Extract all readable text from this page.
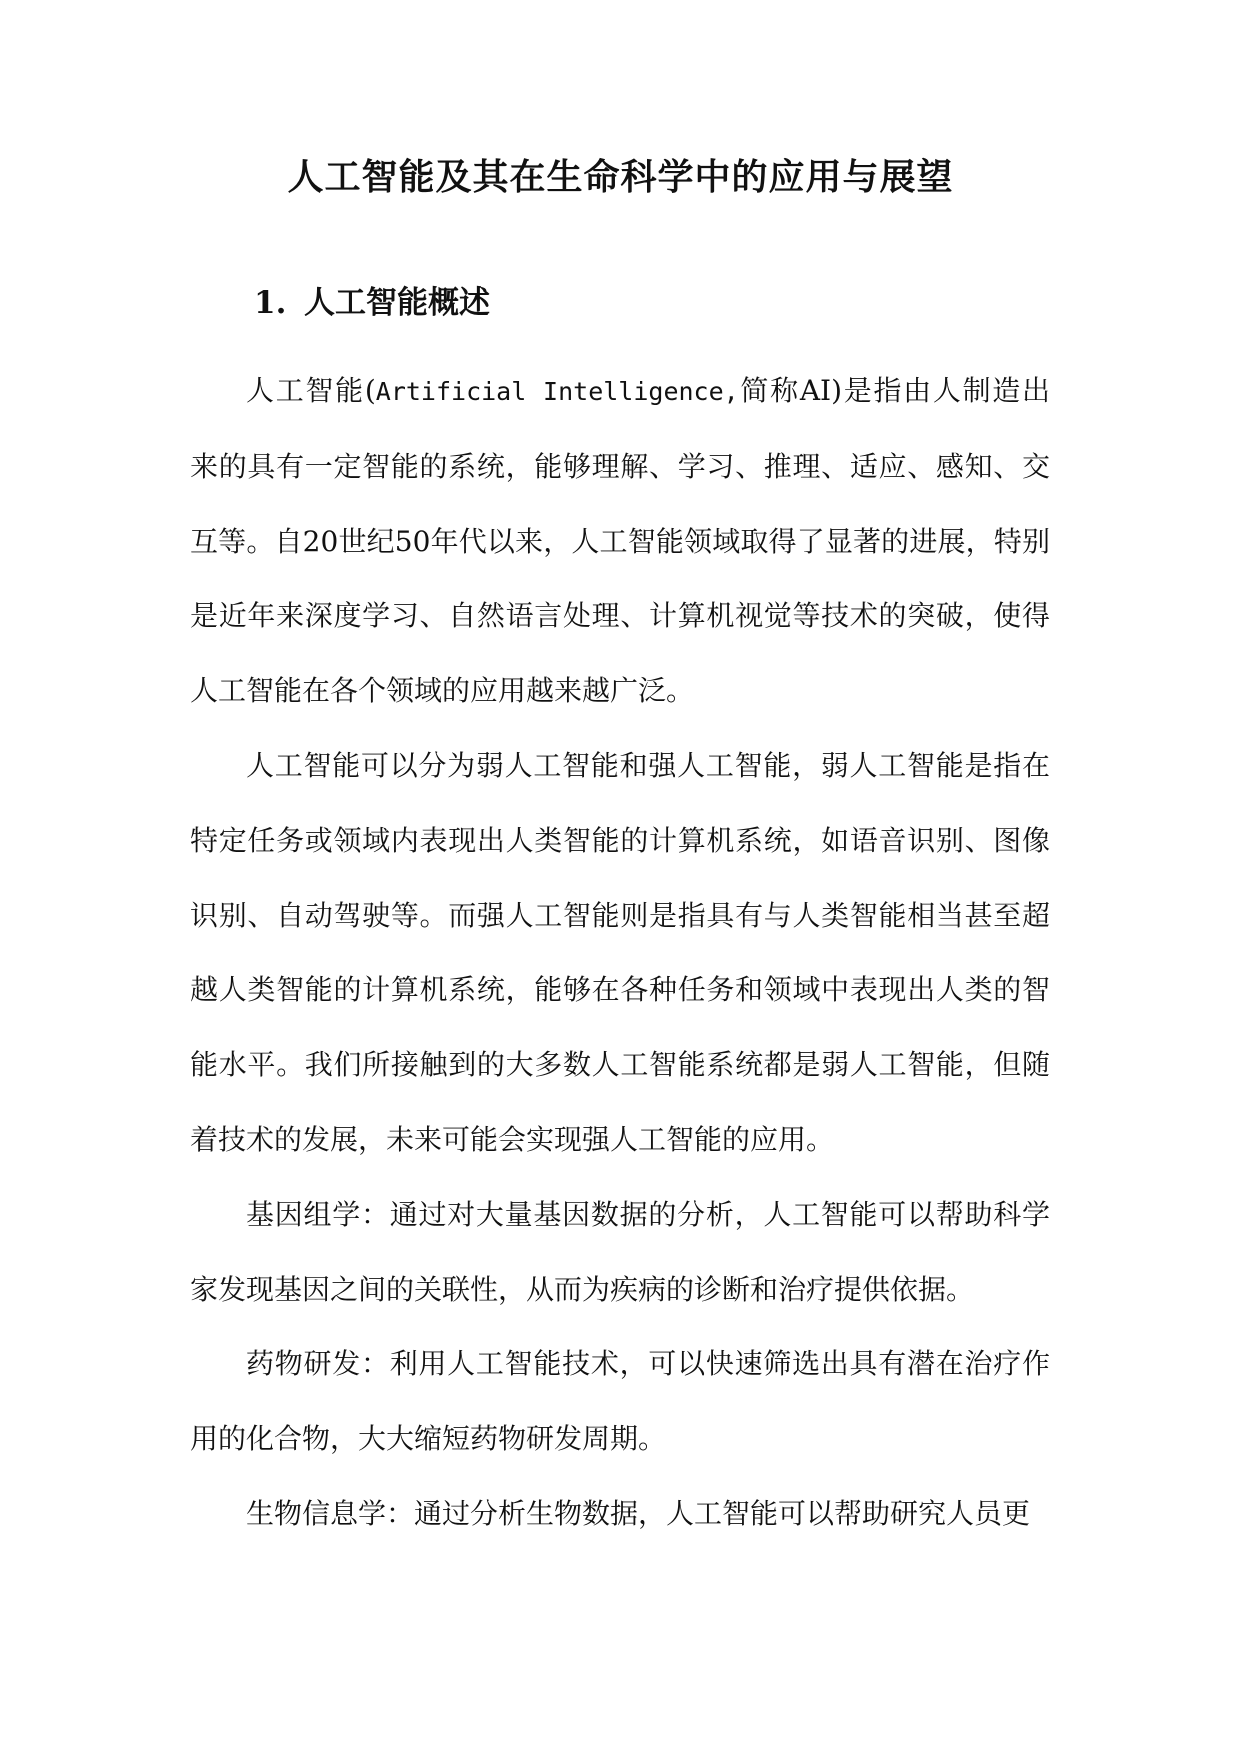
人工智能及其在生命科学中的应用与展望
1. 人工智能概述

人工智能(Artificial Intelligence,简称AI)是指由人制造出来的具有一定智能的系统，能够理解、学习、推理、适应、感知、交互等。自20世纪50年代以来，人工智能领域取得了显著的进展，特别是近年来深度学习、自然语言处理、计算机视觉等技术的突破，使得人工智能在各个领域的应用越来越广泛。

人工智能可以分为弱人工智能和强人工智能，弱人工智能是指在特定任务或领域内表现出人类智能的计算机系统，如语音识别、图像识别、自动驾驶等。而强人工智能则是指具有与人类智能相当甚至超越人类智能的计算机系统，能够在各种任务和领域中表现出人类的智能水平。我们所接触到的大多数人工智能系统都是弱人工智能，但随着技术的发展，未来可能会实现强人工智能的应用。

基因组学：通过对大量基因数据的分析，人工智能可以帮助科学家发现基因之间的关联性，从而为疾病的诊断和治疗提供依据。

药物研发：利用人工智能技术，可以快速筛选出具有潜在治疗作用的化合物，大大缩短药物研发周期。

生物信息学：通过分析生物数据，人工智能可以帮助研究人员更
